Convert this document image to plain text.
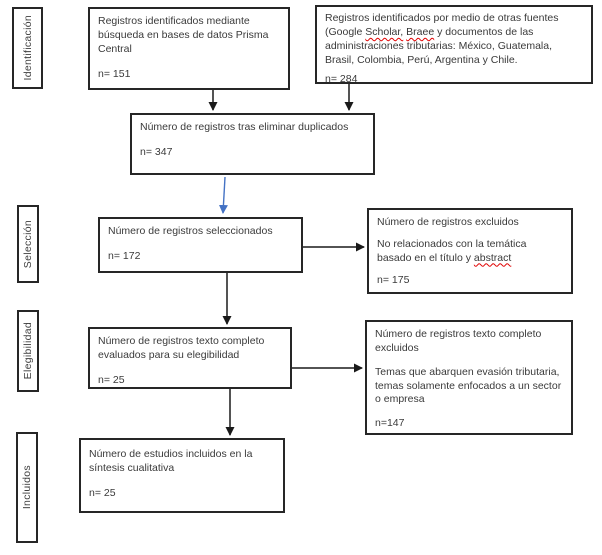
Identificación
Selección
Elegibilidad
Incluidos

Registros identificados mediante búsqueda en bases de datos Prisma Central

n= 151

Registros identificados por medio de otras fuentes (Google Scholar, Braee y documentos de las administraciones tributarias: México, Guatemala, Brasil, Colombia, Perú, Argentina y Chile.

n= 284

Número de registros tras eliminar duplicados

n= 347

Número de registros seleccionados

n= 172

Número de registros excluidos

No relacionados con la temática basado en el título y abstract

n= 175

Número de registros texto completo evaluados para su elegibilidad

n= 25

Número de registros texto completo excluidos

Temas que abarquen evasión tributaria, temas solamente enfocados a un sector o empresa

n=147

Número de estudios incluidos en la síntesis cualitativa

n= 25
